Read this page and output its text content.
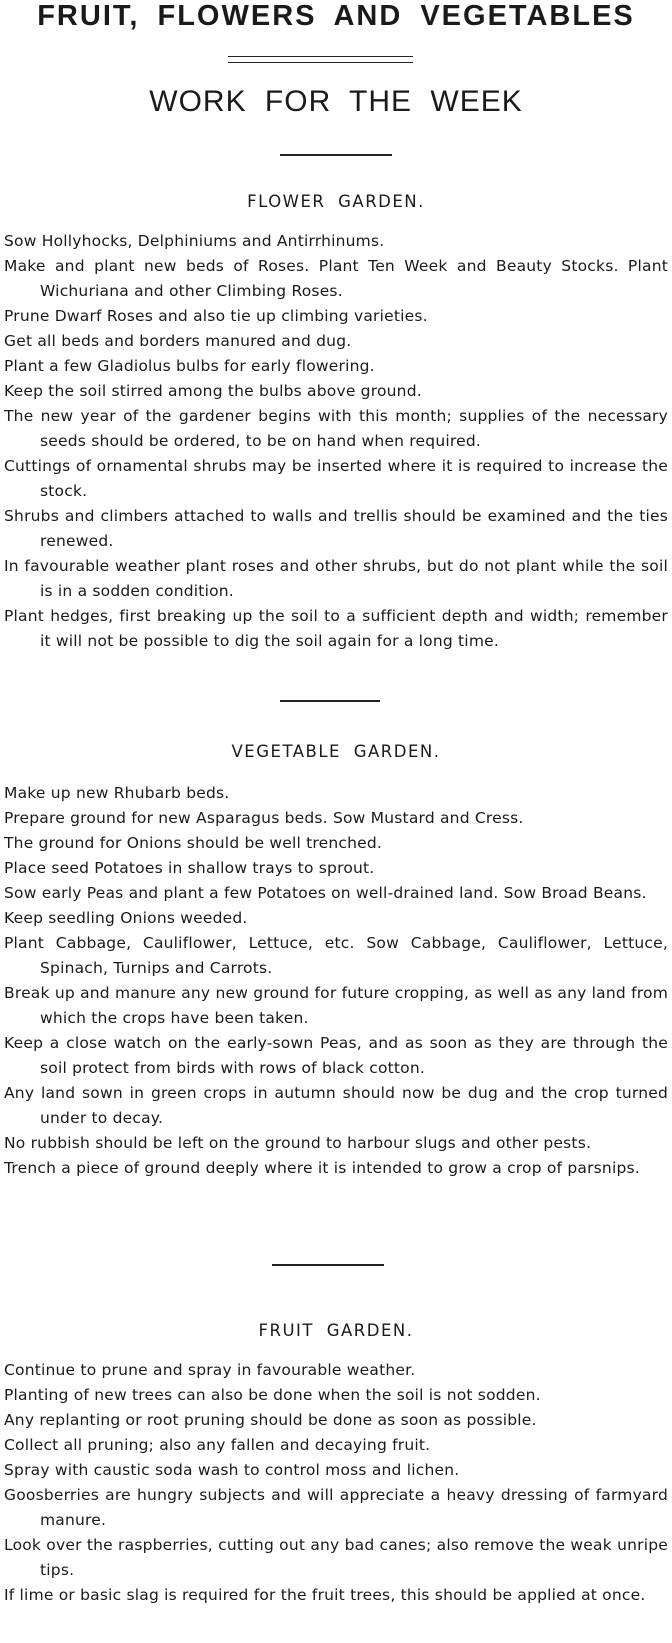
FRUIT, FLOWERS AND VEGETABLES
WORK FOR THE WEEK
FLOWER GARDEN.
Sow Hollyhocks, Delphiniums and Antirrhinums.
Make and plant new beds of Roses. Plant Ten Week and Beauty Stocks. Plant Wichuriana and other Climbing Roses.
Prune Dwarf Roses and also tie up climbing varieties.
Get all beds and borders manured and dug.
Plant a few Gladiolus bulbs for early flowering.
Keep the soil stirred among the bulbs above ground.
The new year of the gardener begins with this month; supplies of the necessary seeds should be ordered, to be on hand when required.
Cuttings of ornamental shrubs may be inserted where it is required to increase the stock.
Shrubs and climbers attached to walls and trellis should be examined and the ties renewed.
In favourable weather plant roses and other shrubs, but do not plant while the soil is in a sodden condition.
Plant hedges, first breaking up the soil to a sufficient depth and width; remember it will not be possible to dig the soil again for a long time.
VEGETABLE GARDEN.
Make up new Rhubarb beds.
Prepare ground for new Asparagus beds. Sow Mustard and Cress.
The ground for Onions should be well trenched.
Place seed Potatoes in shallow trays to sprout.
Sow early Peas and plant a few Potatoes on well-drained land. Sow Broad Beans.
Keep seedling Onions weeded.
Plant Cabbage, Cauliflower, Lettuce, etc. Sow Cabbage, Cauliflower, Lettuce, Spinach, Turnips and Carrots.
Break up and manure any new ground for future cropping, as well as any land from which the crops have been taken.
Keep a close watch on the early-sown Peas, and as soon as they are through the soil protect from birds with rows of black cotton.
Any land sown in green crops in autumn should now be dug and the crop turned under to decay.
No rubbish should be left on the ground to harbour slugs and other pests.
Trench a piece of ground deeply where it is intended to grow a crop of parsnips.
FRUIT GARDEN.
Continue to prune and spray in favourable weather.
Planting of new trees can also be done when the soil is not sodden.
Any replanting or root pruning should be done as soon as possible.
Collect all pruning; also any fallen and decaying fruit.
Spray with caustic soda wash to control moss and lichen.
Goosberries are hungry subjects and will appreciate a heavy dressing of farmyard manure.
Look over the raspberries, cutting out any bad canes; also remove the weak unripe tips.
If lime or basic slag is required for the fruit trees, this should be applied at once.
